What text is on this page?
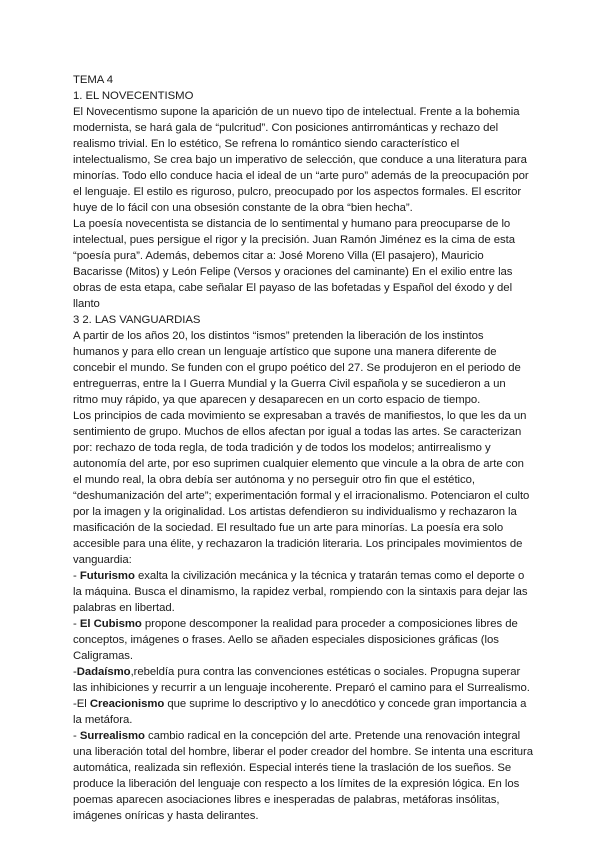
TEMA 4
1. EL NOVECENTISMO
El Novecentismo supone la aparición de un nuevo tipo de intelectual. Frente a la bohemia
modernista, se hará gala de “pulcritud”. Con posiciones antirrománticas y rechazo del
realismo trivial. En lo estético, Se refrena lo romántico siendo característico el
intelectualismo, Se crea bajo un imperativo de selección, que conduce a una literatura para
minorías. Todo ello conduce hacia el ideal de un “arte puro” además de la preocupación por
el lenguaje. El estilo es riguroso, pulcro, preocupado por los aspectos formales. El escritor
huye de lo fácil con una obsesión constante de la obra “bien hecha”.
La poesía novecentista se distancia de lo sentimental y humano para preocuparse de lo
intelectual, pues persigue el rigor y la precisión. Juan Ramón Jiménez es la cima de esta
“poesía pura”. Además, debemos citar a: José Moreno Villa (El pasajero), Mauricio
Bacarisse (Mitos) y León Felipe (Versos y oraciones del caminante) En el exilio entre las
obras de esta etapa, cabe señalar El payaso de las bofetadas y Español del éxodo y del
llanto
3 2. LAS VANGUARDIAS
A partir de los años 20, los distintos “ismos” pretenden la liberación de los instintos
humanos y para ello crean un lenguaje artístico que supone una manera diferente de
concebir el mundo. Se funden con el grupo poético del 27. Se produjeron en el periodo de
entreguerras, entre la I Guerra Mundial y la Guerra Civil española y se sucedieron a un
ritmo muy rápido, ya que aparecen y desaparecen en un corto espacio de tiempo.
Los principios de cada movimiento se expresaban a través de manifiestos, lo que les da un
sentimiento de grupo. Muchos de ellos afectan por igual a todas las artes. Se caracterizan
por: rechazo de toda regla, de toda tradición y de todos los modelos; antirrealismo y
autonomía del arte, por eso suprimen cualquier elemento que vincule a la obra de arte con
el mundo real, la obra debía ser autónoma y no perseguir otro fin que el estético,
“deshumanización del arte”; experimentación formal y el irracionalismo. Potenciaron el culto
por la imagen y la originalidad. Los artistas defendieron su individualismo y rechazaron la
masificación de la sociedad. El resultado fue un arte para minorías. La poesía era solo
accesible para una élite, y rechazaron la tradición literaria. Los principales movimientos de
vanguardia:
- Futurismo exalta la civilización mecánica y la técnica y tratarán temas como el deporte o
la máquina. Busca el dinamismo, la rapidez verbal, rompiendo con la sintaxis para dejar las
palabras en libertad.
- El Cubismo propone descomponer la realidad para proceder a composiciones libres de
conceptos, imágenes o frases. Aello se añaden especiales disposiciones gráficas (los
Caligramas.
-Dadaísmo,rebeldía pura contra las convenciones estéticas o sociales. Propugna superar
las inhibiciones y recurrir a un lenguaje incoherente. Preparó el camino para el Surrealismo.
-El Creacionismo que suprime lo descriptivo y lo anecdótico y concede gran importancia a
la metáfora.
- Surrealismo cambio radical en la concepción del arte. Pretende una renovación integral
una liberación total del hombre, liberar el poder creador del hombre. Se intenta una escritura
automática, realizada sin reflexión. Especial interés tiene la traslación de los sueños. Se
produce la liberación del lenguaje con respecto a los límites de la expresión lógica. En los
poemas aparecen asociaciones libres e inesperadas de palabras, metáforas insólitas,
imágenes oníricas y hasta delirantes.
